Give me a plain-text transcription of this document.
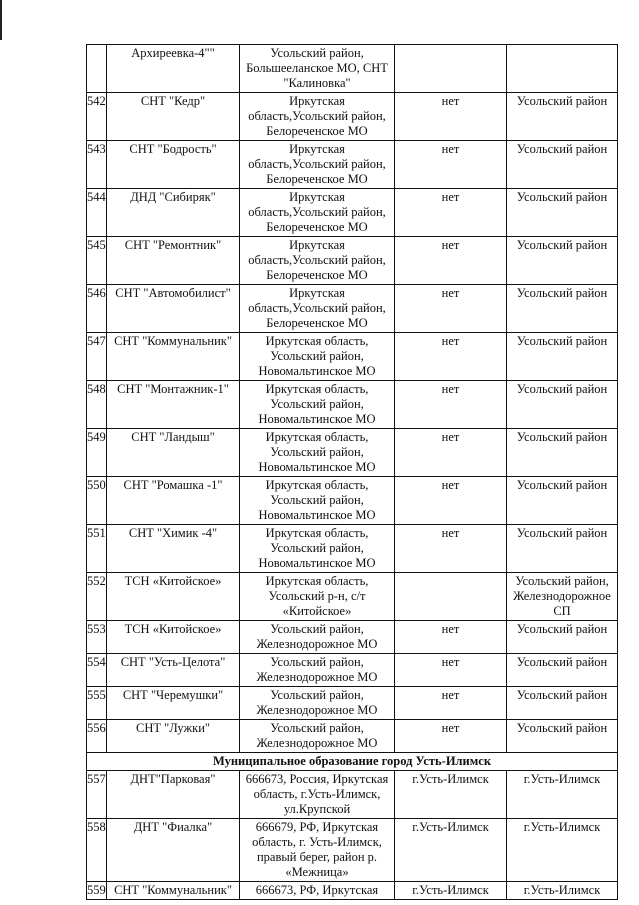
	Архиреевка-4""	Усольский район, Большееланское МО, СНТ "Калиновка"		
542	СНТ "Кедр"	Иркутская область,Усольский район, Белореченское МО	нет	Усольский район
543	СНТ "Бодрость"	Иркутская область,Усольский район, Белореченское МО	нет	Усольский район
544	ДНД "Сибиряк"	Иркутская область,Усольский район, Белореченское МО	нет	Усольский район
545	СНТ "Ремонтник"	Иркутская область,Усольский район, Белореченское МО	нет	Усольский район
546	СНТ "Автомобилист"	Иркутская область,Усольский район, Белореченское МО	нет	Усольский район
547	СНТ "Коммунальник"	Иркутская область, Усольский район, Новомальтинское МО	нет	Усольский район
548	СНТ "Монтажник-1"	Иркутская область, Усольский район, Новомальтинское МО	нет	Усольский район
549	СНТ "Ландыш"	Иркутская область, Усольский район, Новомальтинское МО	нет	Усольский район
550	СНТ "Ромашка -1"	Иркутская область, Усольский район, Новомальтинское МО	нет	Усольский район
551	СНТ "Химик -4"	Иркутская область, Усольский район, Новомальтинское МО	нет	Усольский район
552	ТСН «Китойское»	Иркутская область, Усольский р-н, с/т «Китойское»		Усольский район, Железнодорожное СП
553	ТСН «Китойское»	Усольский район, Железнодорожное МО	нет	Усольский район
554	СНТ "Усть-Целота"	Усольский район, Железнодорожное МО	нет	Усольский район
555	СНТ "Черемушки"	Усольский район, Железнодорожное МО	нет	Усольский район
556	СНТ "Лужки"	Усольский район, Железнодорожное МО	нет	Усольский район
Муниципальное образование город Усть-Илимск				
557	ДНТ"Парковая"	666673, Россия, Иркутская область, г.Усть-Илимск, ул.Крупской	г.Усть-Илимск	г.Усть-Илимск
558	ДНТ "Фиалка"	666679, РФ, Иркутская область, г. Усть-Илимск, правый берег, район р. «Межница»	г.Усть-Илимск	г.Усть-Илимск
559	СНТ "Коммунальник"	666673, РФ, Иркутская	г.Усть-Илимск	г.Усть-Илимск
